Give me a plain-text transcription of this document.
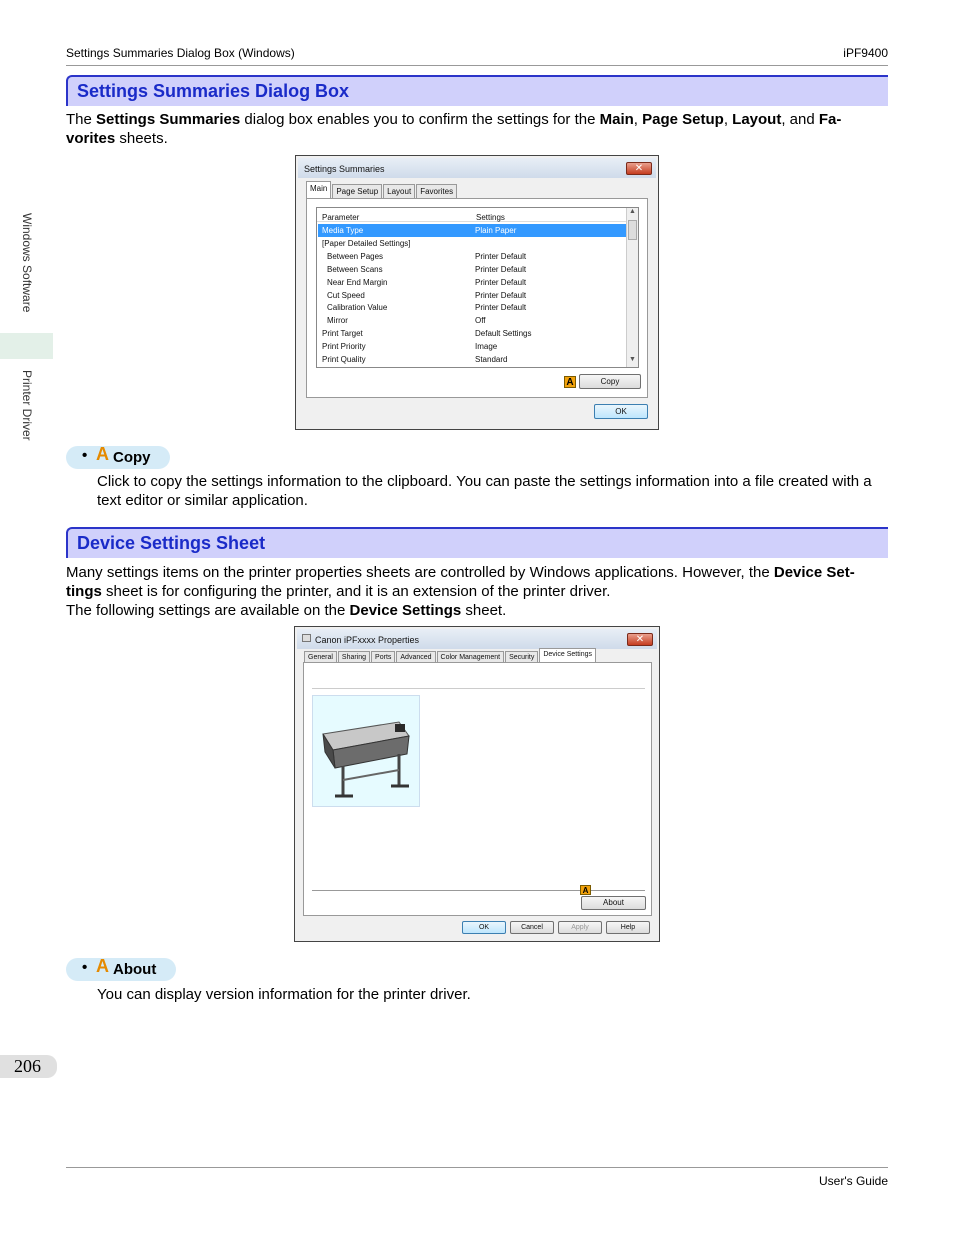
Settings Summaries Dialog Box (Windows)	iPF9400
Windows Software
Printer Driver
Settings Summaries Dialog Box
The Settings Summaries dialog box enables you to confirm the settings for the Main, Page Setup, Layout, and Fa-vorites sheets.
Settings Summaries	✕
Main	Page Setup	Layout	Favorites
Parameter	Settings
Media Type	Plain Paper
[Paper Detailed Settings]
Between Pages	Printer Default
Between Scans	Printer Default
Near End Margin	Printer Default
Cut Speed	Printer Default
Calibration Value	Printer Default
Mirror	Off
Print Target	Default Settings
Print Priority	Image
Print Quality	Standard
▲
▼
A	Copy
OK
• A Copy
Click to copy the settings information to the clipboard. You can paste the settings information into a file created with a text editor or similar application.
Device Settings Sheet
Many settings items on the printer properties sheets are controlled by Windows applications. However, the Device Set-tings sheet is for configuring the printer, and it is an extension of the printer driver.
The following settings are available on the Device Settings sheet.
Canon iPFxxxx Properties	✕
General	Sharing	Ports	Advanced	Color Management	Security	Device Settings
A
About
OK	Cancel	Apply	Help
• A About
You can display version information for the printer driver.
206
User's Guide
